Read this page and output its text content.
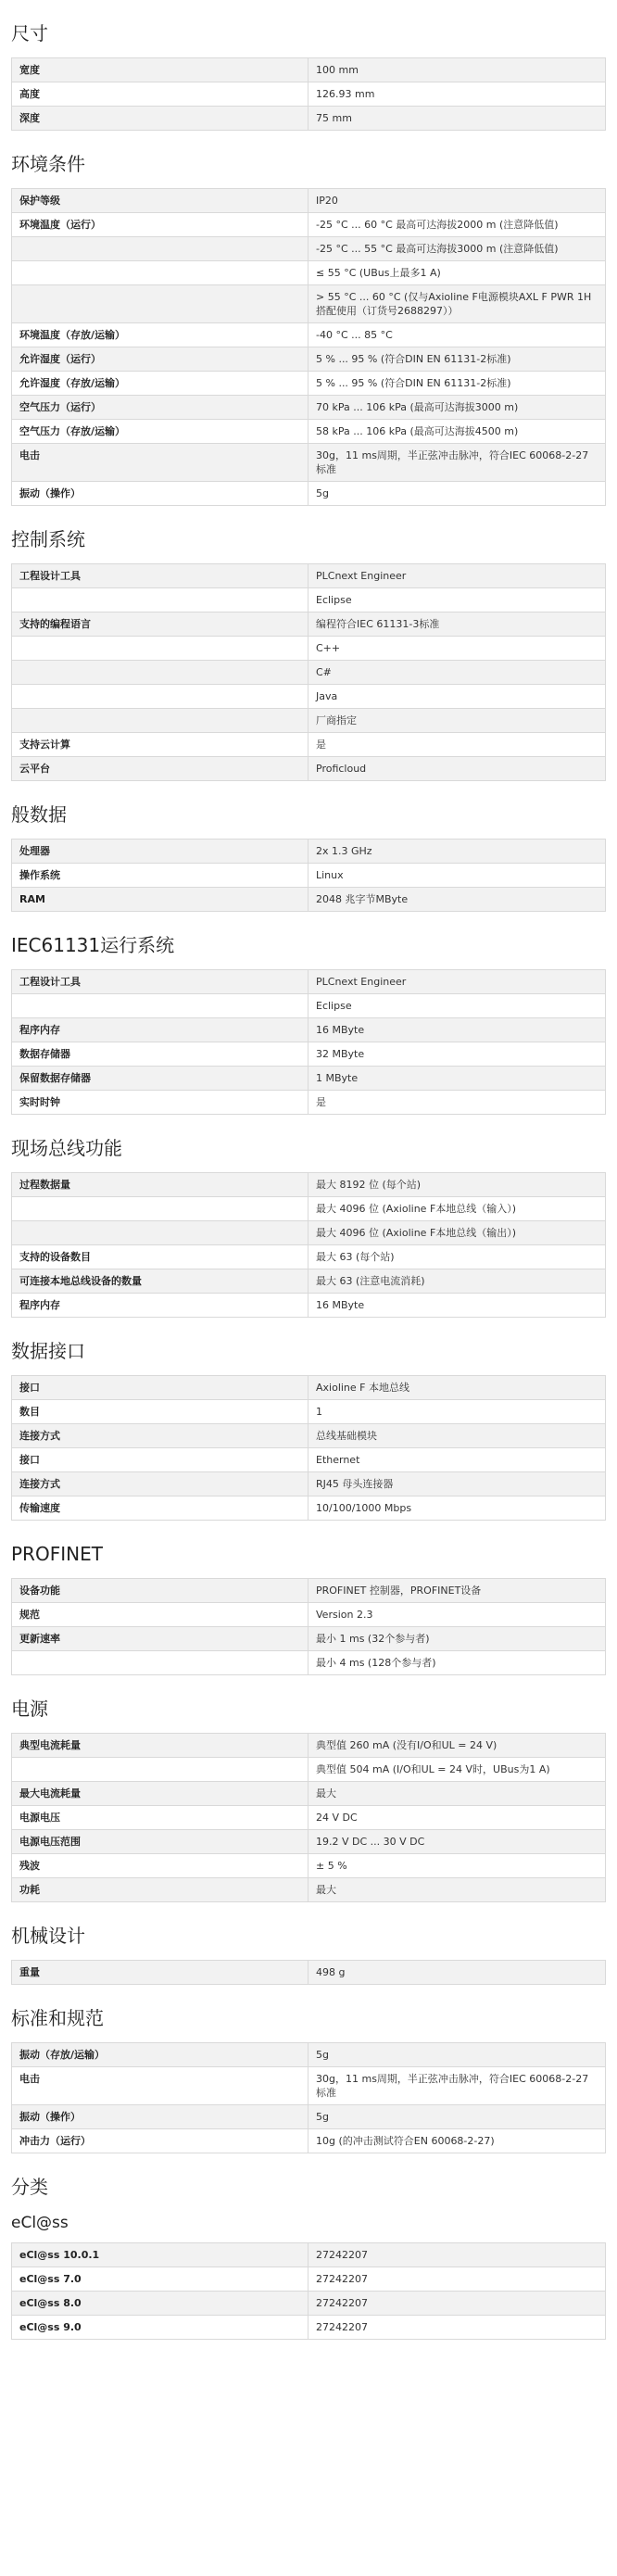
尺寸
宽度	100 mm
高度	126.93 mm
深度	75 mm
环境条件
保护等级	IP20
环境温度（运行）	-25 °C ... 60 °C 最高可达海拔2000 m (注意降低值)
	-25 °C ... 55 °C 最高可达海拔3000 m (注意降低值)
	≤ 55 °C (UBus上最多1 A)
	> 55 °C ... 60 °C (仅与Axioline F电源模块AXL F PWR 1H搭配使用（订货号2688297））
环境温度（存放/运输）	-40 °C ... 85 °C
允许湿度（运行）	5 % ... 95 % (符合DIN EN 61131-2标准)
允许湿度（存放/运输）	5 % ... 95 % (符合DIN EN 61131-2标准)
空气压力（运行）	70 kPa ... 106 kPa (最高可达海拔3000 m)
空气压力（存放/运输）	58 kPa ... 106 kPa (最高可达海拔4500 m)
电击	30g，11 ms周期，半正弦冲击脉冲，符合IEC 60068-2-27标准
振动（操作）	5g
控制系统
工程设计工具	PLCnext Engineer
	Eclipse
支持的编程语言	编程符合IEC 61131-3标准
	C++
	C#
	Java
	厂商指定
支持云计算	是
云平台	Proficloud
般数据
处理器	2x 1.3 GHz
操作系统	Linux
RAM	2048 兆字节MByte
IEC61131运行系统
工程设计工具	PLCnext Engineer
	Eclipse
程序内存	16 MByte
数据存储器	32 MByte
保留数据存储器	1 MByte
实时时钟	是
现场总线功能
过程数据量	最大 8192 位 (每个站)
	最大 4096 位 (Axioline F本地总线（输入）)
	最大 4096 位 (Axioline F本地总线（输出）)
支持的设备数目	最大 63 (每个站)
可连接本地总线设备的数量	最大 63 (注意电流消耗)
程序内存	16 MByte
数据接口
接口	Axioline F 本地总线
数目	1
连接方式	总线基础模块
接口	Ethernet
连接方式	RJ45 母头连接器
传输速度	10/100/1000 Mbps
PROFINET
设备功能	PROFINET 控制器，PROFINET设备
规范	Version 2.3
更新速率	最小 1 ms (32个参与者)
	最小 4 ms (128个参与者)
电源
典型电流耗量	典型值 260 mA (没有I/O和UL = 24 V)
	典型值 504 mA (I/O和UL = 24 V时，UBus为1 A)
最大电流耗量	最大
电源电压	24 V DC
电源电压范围	19.2 V DC ... 30 V DC
残波	± 5 %
功耗	最大
机械设计
重量	498 g
标准和规范
振动（存放/运输）	5g
电击	30g，11 ms周期，半正弦冲击脉冲，符合IEC 60068-2-27标准
振动（操作）	5g
冲击力（运行）	10g (的冲击测试符合EN 60068-2-27)
分类
eCl@ss
eCl@ss 10.0.1	27242207
eCl@ss 7.0	27242207
eCl@ss 8.0	27242207
eCl@ss 9.0	27242207
